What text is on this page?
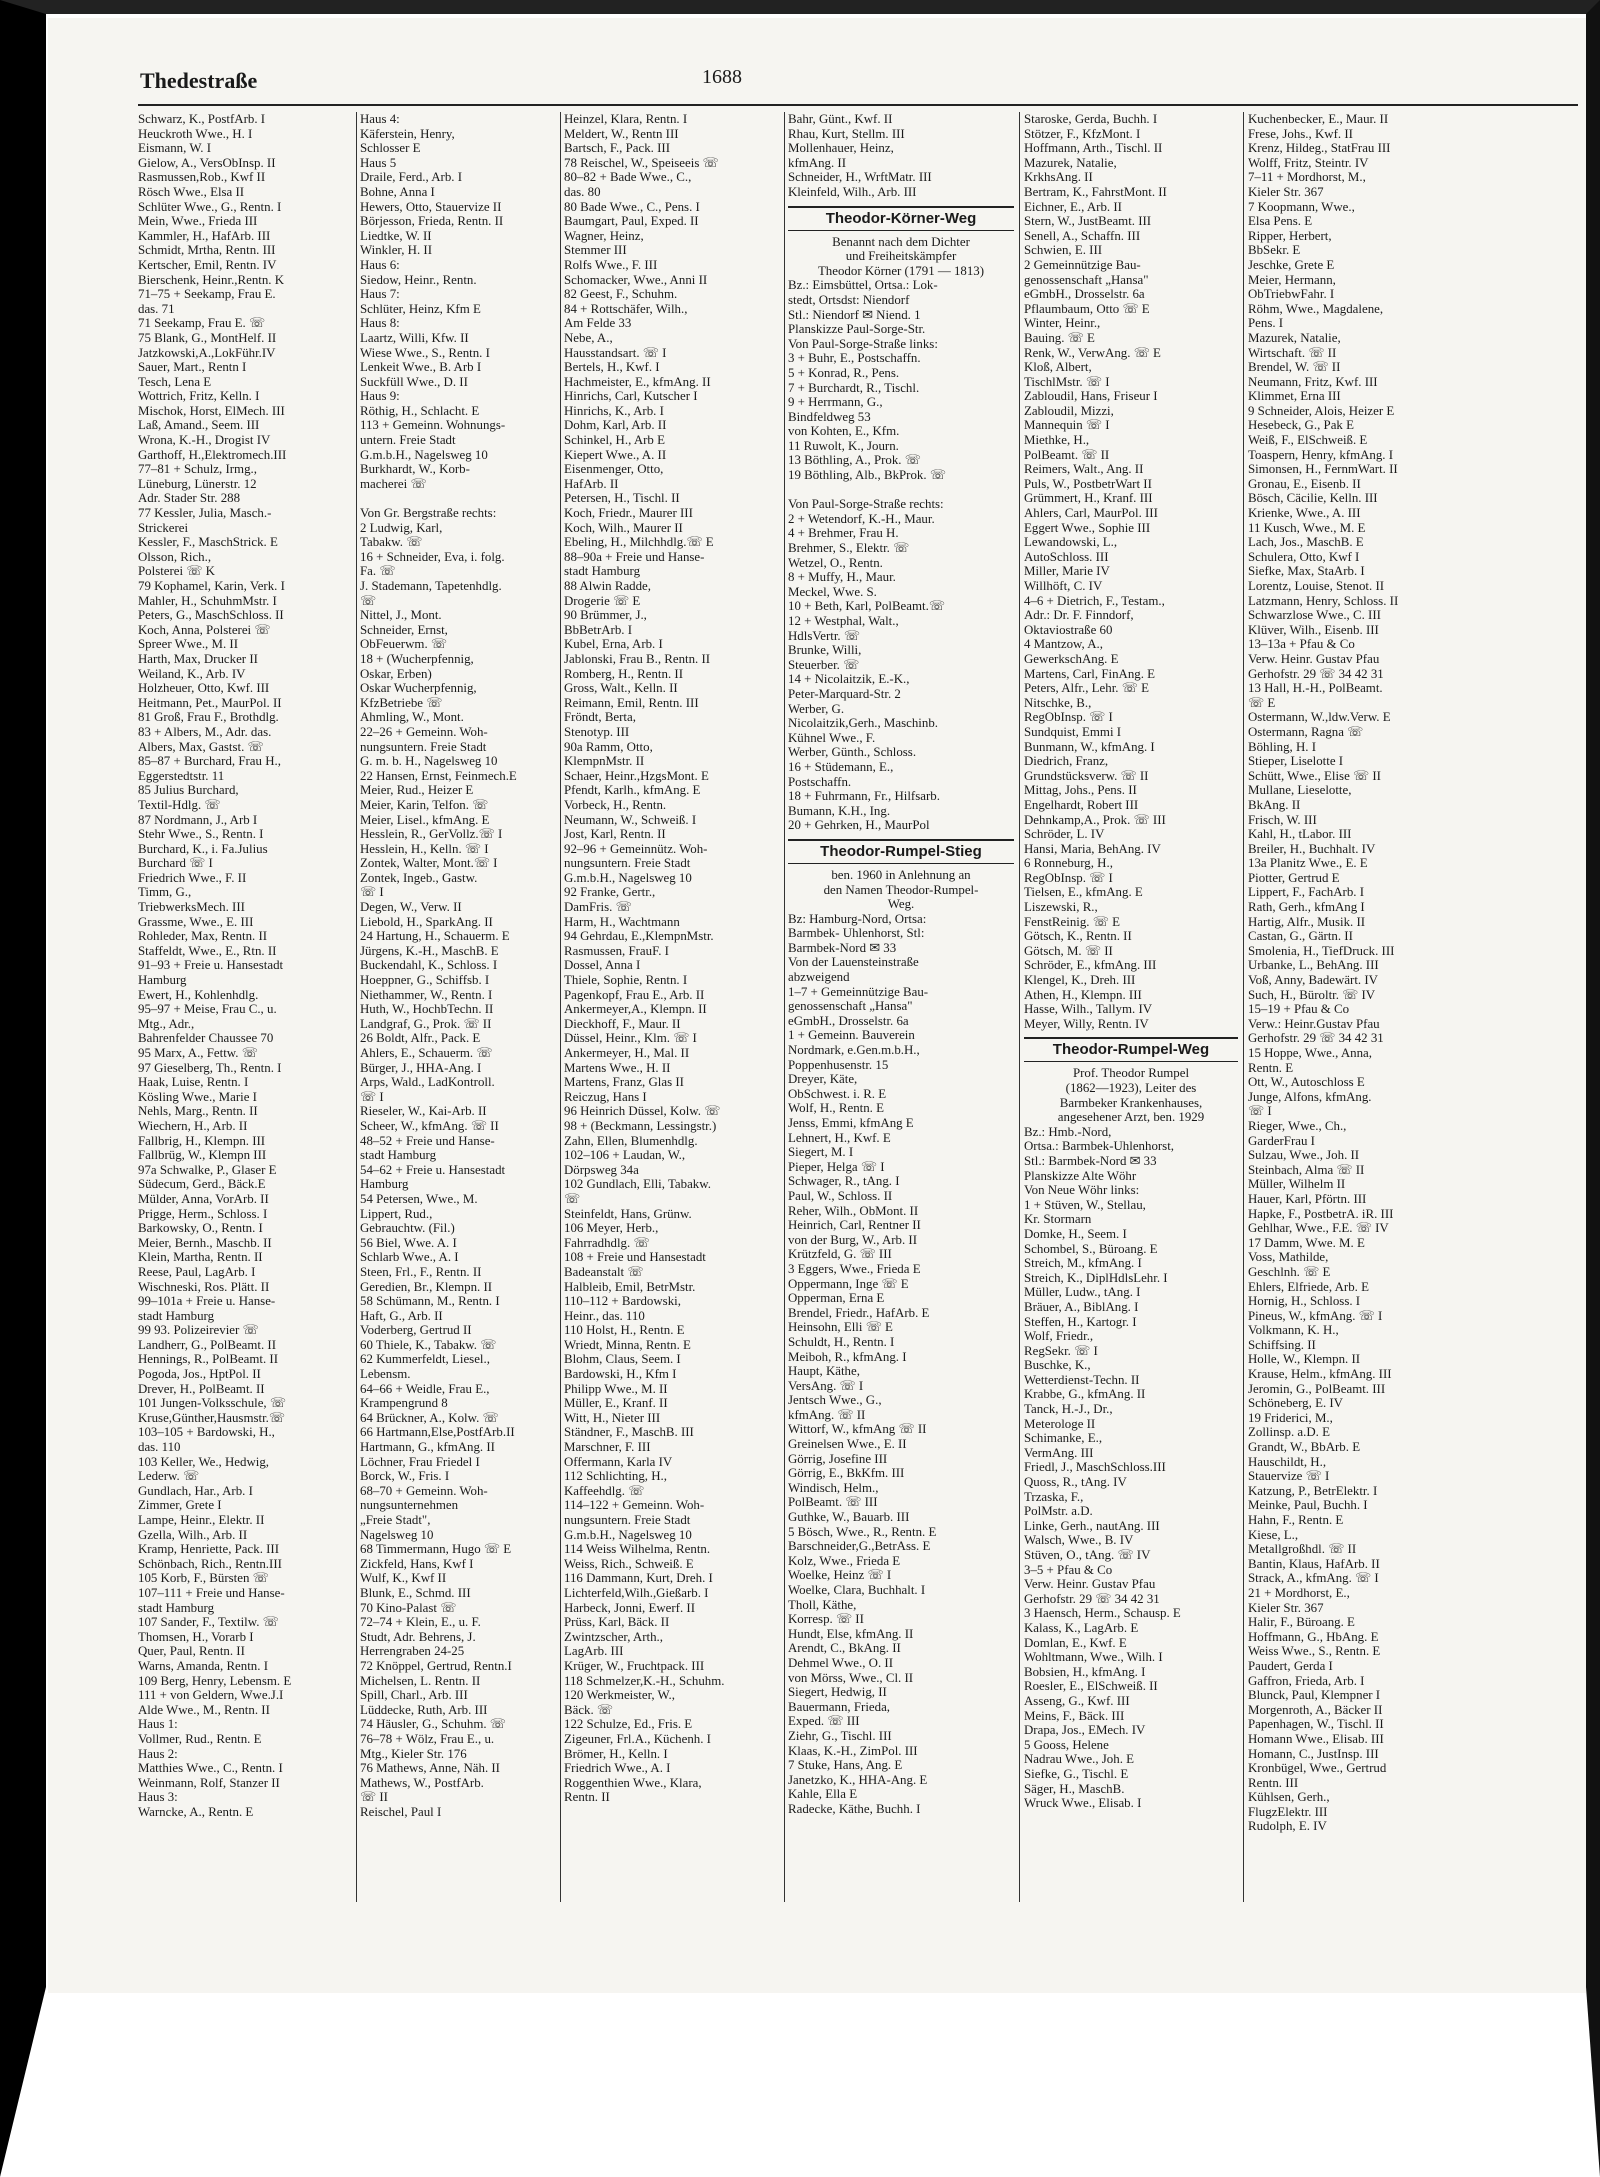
Thedestraße	1688
Schwarz, K., PostfArb. I
Heuckroth Wwe., H. I
Eismann, W. I
Gielow, A., VersObInsp. II
Rasmussen,Rob., Kwf II
Rösch Wwe., Elsa II
Schlüter Wwe., G., Rentn. I
Mein, Wwe., Frieda III
Kammler, H., HafArb. III
Schmidt, Mrtha, Rentn. III
Kertscher, Emil, Rentn. IV
Bierschenk, Heinr.,Rentn. K
71–75 + Seekamp, Frau E.
das. 71
71 Seekamp, Frau E. ☏
75 Blank, G., MontHelf. II
Jatzkowski,A.,LokFühr.IV
Sauer, Mart., Rentn I
Tesch, Lena E
Wottrich, Fritz, Kelln. I
Mischok, Horst, ElMech. III
Laß, Amand., Seem. III
Wrona, K.-H., Drogist IV
Garthoff, H.,Elektromech.III
77–81 + Schulz, Irmg.,
Lüneburg, Lünerstr. 12
Adr. Stader Str. 288
77 Kessler, Julia, Masch.-
Strickerei
Kessler, F., MaschStrick. E
Olsson, Rich.,
Polsterei ☏ K
79 Kophamel, Karin, Verk. I
Mahler, H., SchuhmMstr. I
Peters, G., MaschSchloss. II
Koch, Anna, Polsterei ☏
Spreer Wwe., M. II
Harth, Max, Drucker II
Weiland, K., Arb. IV
Holzheuer, Otto, Kwf. III
Heitmann, Pet., MaurPol. II
81 Groß, Frau F., Brothdlg.
83 + Albers, M., Adr. das.
Albers, Max, Gastst. ☏
85–87 + Burchard, Frau H.,
Eggerstedtstr. 11
85 Julius Burchard,
Textil-Hdlg. ☏
87 Nordmann, J., Arb I
Stehr Wwe., S., Rentn. I
Burchard, K., i. Fa.Julius
Burchard ☏ I
Friedrich Wwe., F. II
Timm, G.,
TriebwerksMech. III
Grassme, Wwe., E. III
Rohleder, Max, Rentn. II
Staffeldt, Wwe., E., Rtn. II
91–93 + Freie u. Hansestadt
Hamburg
Ewert, H., Kohlenhdlg.
95–97 + Meise, Frau C., u.
Mtg., Adr.,
Bahrenfelder Chaussee 70
95 Marx, A., Fettw. ☏
97 Gieselberg, Th., Rentn. I
Haak, Luise, Rentn. I
Kösling Wwe., Marie I
Nehls, Marg., Rentn. II
Wiechern, H., Arb. II
Fallbrig, H., Klempn. III
Fallbrüg, W., Klempn III
97a Schwalke, P., Glaser E
Südecum, Gerd., Bäck.E
Mülder, Anna, VorArb. II
Prigge, Herm., Schloss. I
Barkowsky, O., Rentn. I
Meier, Bernh., Maschb. II
Klein, Martha, Rentn. II
Reese, Paul, LagArb. I
Wischneski, Ros. Plätt. II
99–101a + Freie u. Hanse-
stadt Hamburg
99 93. Polizeirevier ☏
Landherr, G., PolBeamt. II
Hennings, R., PolBeamt. II
Pogoda, Jos., HptPol. II
Drever, H., PolBeamt. II
101 Jungen-Volksschule, ☏
Kruse,Günther,Hausmstr.☏
103–105 + Bardowski, H.,
das. 110
103 Keller, We., Hedwig,
Lederw. ☏
Gundlach, Har., Arb. I
Zimmer, Grete I
Lampe, Heinr., Elektr. II
Gzella, Wilh., Arb. II
Kramp, Henriette, Pack. III
Schönbach, Rich., Rentn.III
105 Korb, F., Bürsten ☏
107–111 + Freie und Hanse-
stadt Hamburg
107 Sander, F., Textilw. ☏
Thomsen, H., Vorarb I
Quer, Paul, Rentn. II
Warns, Amanda, Rentn. I
109 Berg, Henry, Lebensm. E
111 + von Geldern, Wwe.J.I
Alde Wwe., M., Rentn. II
Haus 1:
Vollmer, Rud., Rentn. E
Haus 2:
Matthies Wwe., C., Rentn. I
Weinmann, Rolf, Stanzer II
Haus 3:
Warncke, A., Rentn. E
Haus 4:
Käferstein, Henry,
Schlosser E
Haus 5
Draile, Ferd., Arb. I
Bohne, Anna I
Hewers, Otto, Stauervize II
Börjesson, Frieda, Rentn. II
Liedtke, W. II
Winkler, H. II
Haus 6:
Siedow, Heinr., Rentn.
Haus 7:
Schlüter, Heinz, Kfm E
Haus 8:
Laartz, Willi, Kfw. II
Wiese Wwe., S., Rentn. I
Lenkeit Wwe., B. Arb I
Suckfüll Wwe., D. II
Haus 9:
Röthig, H., Schlacht. E
113 + Gemeinn. Wohnungs-
untern. Freie Stadt
G.m.b.H., Nagelsweg 10
Burkhardt, W., Korb-
macherei ☏

Von Gr. Bergstraße rechts:
2 Ludwig, Karl,
Tabakw. ☏
16 + Schneider, Eva, i. folg.
Fa. ☏
J. Stademann, Tapetenhdlg.
☏
Nittel, J., Mont.
Schneider, Ernst,
ObFeuerwm. ☏
18 + (Wucherpfennig,
Oskar, Erben)
Oskar Wucherpfennig,
KfzBetriebe ☏
Ahmling, W., Mont.
22–26 + Gemeinn. Woh-
nungsuntern. Freie Stadt
G. m. b. H., Nagelsweg 10
22 Hansen, Ernst, Feinmech.E
Meier, Rud., Heizer E
Meier, Karin, Telfon. ☏
Meier, Lisel., kfmAng. E
Hesslein, R., GerVollz.☏ I
Hesslein, H., Kelln. ☏ I
Zontek, Walter, Mont.☏ I
Zontek, Ingeb., Gastw.
☏ I
Degen, W., Verw. II
Liebold, H., SparkAng. II
24 Hartung, H., Schauerm. E
Jürgens, K.-H., MaschB. E
Buckendahl, K., Schloss. I
Hoeppner, G., Schiffsb. I
Niethammer, W., Rentn. I
Huth, W., HochbTechn. II
Landgraf, G., Prok. ☏ II
26 Boldt, Alfr., Pack. E
Ahlers, E., Schauerm. ☏
Bürger, J., HHA-Ang. I
Arps, Wald., LadKontroll.
☏ I
Rieseler, W., Kai-Arb. II
Scheer, W., kfmAng. ☏ II
48–52 + Freie und Hanse-
stadt Hamburg
54–62 + Freie u. Hansestadt
Hamburg
54 Petersen, Wwe., M.
Lippert, Rud.,
Gebrauchtw. (Fil.)
56 Biel, Wwe. A. I
Schlarb Wwe., A. I
Steen, Frl., F., Rentn. II
Geredien, Br., Klempn. II
58 Schümann, M., Rentn. I
Haft, G., Arb. II
Voderberg, Gertrud II
60 Thiele, K., Tabakw. ☏
62 Kummerfeldt, Liesel.,
Lebensm.
64–66 + Weidle, Frau E.,
Krampengrund 8
64 Brückner, A., Kolw. ☏
66 Hartmann,Else,PostfArb.II
Hartmann, G., kfmAng. II
Löchner, Frau Friedel I
Borck, W., Fris. I
68–70 + Gemeinn. Woh-
nungsunternehmen
„Freie Stadt",
Nagelsweg 10
68 Timmermann, Hugo ☏ E
Zickfeld, Hans, Kwf I
Wulf, K., Kwf II
Blunk, E., Schmd. III
70 Kino-Palast ☏
72–74 + Klein, E., u. F.
Studt, Adr. Behrens, J.
Herrengraben 24-25
72 Knöppel, Gertrud, Rentn.I
Michelsen, L. Rentn. II
Spill, Charl., Arb. III
Lüddecke, Ruth, Arb. III
74 Häusler, G., Schuhm. ☏
76–78 + Wölz, Frau E., u.
Mtg., Kieler Str. 176
76 Mathews, Anne, Näh. II
Mathews, W., PostfArb.
☏ II
Reischel, Paul I
Heinzel, Klara, Rentn. I
Meldert, W., Rentn III
Bartsch, F., Pack. III
78 Reischel, W., Speiseeis ☏
80–82 + Bade Wwe., C.,
das. 80
80 Bade Wwe., C., Pens. I
Baumgart, Paul, Exped. II
Wagner, Heinz,
Stemmer III
Rolfs Wwe., F. III
Schomacker, Wwe., Anni II
82 Geest, F., Schuhm.
84 + Rottschäfer, Wilh.,
Am Felde 33
Nebe, A.,
Hausstandsart. ☏ I
Bertels, H., Kwf. I
Hachmeister, E., kfmAng. II
Hinrichs, Carl, Kutscher I
Hinrichs, K., Arb. I
Dohm, Karl, Arb. II
Schinkel, H., Arb E
Kiepert Wwe., A. II
Eisenmenger, Otto,
HafArb. II
Petersen, H., Tischl. II
Koch, Friedr., Maurer III
Koch, Wilh., Maurer II
Ebeling, H., Milchhdlg.☏ E
88–90a + Freie und Hanse-
stadt Hamburg
88 Alwin Radde,
Drogerie ☏ E
90 Brümmer, J.,
BbBetrArb. I
Kubel, Erna, Arb. I
Jablonski, Frau B., Rentn. II
Romberg, H., Rentn. II
Gross, Walt., Kelln. II
Reimann, Emil, Rentn. III
Fröndt, Berta,
Stenotyp. III
90a Ramm, Otto,
KlempnMstr. II
Schaer, Heinr.,HzgsMont. E
Pfendt, Karlh., kfmAng. E
Vorbeck, H., Rentn.
Neumann, W., Schweiß. I
Jost, Karl, Rentn. II
92–96 + Gemeinnütz. Woh-
nungsuntern. Freie Stadt
G.m.b.H., Nagelsweg 10
92 Franke, Gertr.,
DamFris. ☏
Harm, H., Wachtmann
94 Gehrdau, E.,KlempnMstr.
Rasmussen, FrauF. I
Dossel, Anna I
Thiele, Sophie, Rentn. I
Pagenkopf, Frau E., Arb. II
Ankermeyer,A., Klempn. II
Dieckhoff, F., Maur. II
Düssel, Heinr., Klm. ☏ I
Ankermeyer, H., Mal. II
Martens Wwe., H. II
Martens, Franz, Glas II
Reiczug, Hans I
96 Heinrich Düssel, Kolw. ☏
98 + (Beckmann, Lessingstr.)
Zahn, Ellen, Blumenhdlg.
102–106 + Laudan, W.,
Dörpsweg 34a
102 Gundlach, Elli, Tabakw.
☏
Steinfeldt, Hans, Grünw.
106 Meyer, Herb.,
Fahrradhdlg. ☏
108 + Freie und Hansestadt
Badeanstalt ☏
Halbleib, Emil, BetrMstr.
110–112 + Bardowski,
Heinr., das. 110
110 Holst, H., Rentn. E
Wriedt, Minna, Rentn. E
Blohm, Claus, Seem. I
Bardowski, H., Kfm I
Philipp Wwe., M. II
Müller, E., Kranf. II
Witt, H., Nieter III
Ständner, F., MaschB. III
Marschner, F. III
Offermann, Karla IV
112 Schlichting, H.,
Kaffeehdlg. ☏
114–122 + Gemeinn. Woh-
nungsuntern. Freie Stadt
G.m.b.H., Nagelsweg 10
114 Weiss Wilhelma, Rentn.
Weiss, Rich., Schweiß. E
116 Dammann, Kurt, Dreh. I
Lichterfeld,Wilh.,Gießarb. I
Harbeck, Jonni, Ewerf. II
Prüss, Karl, Bäck. II
Zwintzscher, Arth.,
LagArb. III
Krüger, W., Fruchtpack. III
118 Schmelzer,K.-H., Schuhm.
120 Werkmeister, W.,
Bäck. ☏
122 Schulze, Ed., Fris. E
Zigeuner, Frl.A., Küchenh. I
Brömer, H., Kelln. I
Friedrich Wwe., A. I
Roggenthien Wwe., Klara,
Rentn. II
Bahr, Günt., Kwf. II
Rhau, Kurt, Stellm. III
Mollenhauer, Heinz,
kfmAng. II
Schneider, H., WrftMatr. III
Kleinfeld, Wilh., Arb. III
Theodor-Körner-Weg
Benannt nach dem Dichter
und Freiheitskämpfer
Theodor Körner (1791 — 1813)
Bz.: Eimsbüttel, Ortsa.: Lok-
stedt, Ortsdst: Niendorf
Stl.: Niendorf ✉ Niend. 1
Planskizze Paul-Sorge-Str.
Von Paul-Sorge-Straße links:
3 + Buhr, E., Postschaffn.
5 + Konrad, R., Pens.
7 + Burchardt, R., Tischl.
9 + Herrmann, G.,
Bindfeldweg 53
von Kohten, E., Kfm.
11 Ruwolt, K., Journ.
13 Böthling, A., Prok. ☏
19 Böthling, Alb., BkProk. ☏

Von Paul-Sorge-Straße rechts:
2 + Wetendorf, K.-H., Maur.
4 + Brehmer, Frau H.
Brehmer, S., Elektr. ☏
Wetzel, O., Rentn.
8 + Muffy, H., Maur.
Meckel, Wwe. S.
10 + Beth, Karl, PolBeamt.☏
12 + Westphal, Walt.,
HdlsVertr. ☏
Brunke, Willi,
Steuerber. ☏
14 + Nicolaitzik, E.-K.,
Peter-Marquard-Str. 2
Werber, G.
Nicolaitzik,Gerh., Maschinb.
Kühnel Wwe., F.
Werber, Günth., Schloss.
16 + Stüdemann, E.,
Postschaffn.
18 + Fuhrmann, Fr., Hilfsarb.
Bumann, K.H., Ing.
20 + Gehrken, H., MaurPol
Theodor-Rumpel-Stieg
ben. 1960 in Anlehnung an
den Namen Theodor-Rumpel-
Weg.
Bz: Hamburg-Nord, Ortsa:
Barmbek- Uhlenhorst, Stl:
Barmbek-Nord ✉ 33
Von der Lauensteinstraße
abzweigend
1–7 + Gemeinnützige Bau-
genossenschaft „Hansa"
eGmbH., Drosselstr. 6a
1 + Gemeinn. Bauverein
Nordmark, e.Gen.m.b.H.,
Poppenhusenstr. 15
Dreyer, Käte,
ObSchwest. i. R. E
Wolf, H., Rentn. E
Jenss, Emmi, kfmAng E
Lehnert, H., Kwf. E
Siegert, M. I
Pieper, Helga ☏ I
Schwager, R., tAng. I
Paul, W., Schloss. II
Reher, Wilh., ObMont. II
Heinrich, Carl, Rentner II
von der Burg, W., Arb. II
Krützfeld, G. ☏ III
3 Eggers, Wwe., Frieda E
Oppermann, Inge ☏ E
Opperman, Erna E
Brendel, Friedr., HafArb. E
Heinsohn, Elli ☏ E
Schuldt, H., Rentn. I
Meiboh, R., kfmAng. I
Haupt, Käthe,
VersAng. ☏ I
Jentsch Wwe., G.,
kfmAng. ☏ II
Wittorf, W., kfmAng ☏ II
Greinelsen Wwe., E. II
Görrig, Josefine III
Görrig, E., BkKfm. III
Windisch, Helm.,
PolBeamt. ☏ III
Guthke, W., Bauarb. III
5 Bösch, Wwe., R., Rentn. E
Barschneider,G.,BetrAss. E
Kolz, Wwe., Frieda E
Woelke, Heinz ☏ I
Woelke, Clara, Buchhalt. I
Tholl, Käthe,
Korresp. ☏ II
Hundt, Else, kfmAng. II
Arendt, C., BkAng. II
Dehmel Wwe., O. II
von Mörss, Wwe., Cl. II
Siegert, Hedwig, II
Bauermann, Frieda,
Exped. ☏ III
Ziehr, G., Tischl. III
Klaas, K.-H., ZimPol. III
7 Stuke, Hans, Ang. E
Janetzko, K., HHA-Ang. E
Kahle, Ella E
Radecke, Käthe, Buchh. I
Staroske, Gerda, Buchh. I
Stötzer, F., KfzMont. I
Hoffmann, Arth., Tischl. II
Mazurek, Natalie,
KrkhsAng. II
Bertram, K., FahrstMont. II
Eichner, E., Arb. II
Stern, W., JustBeamt. III
Senell, A., Schaffn. III
Schwien, E. III
2 Gemeinnützige Bau-
genossenschaft „Hansa"
eGmbH., Drosselstr. 6a
Pflaumbaum, Otto ☏ E
Winter, Heinr.,
Bauing. ☏ E
Renk, W., VerwAng. ☏ E
Kloß, Albert,
TischlMstr. ☏ I
Zabloudil, Hans, Friseur I
Zabloudil, Mizzi,
Mannequin ☏ I
Miethke, H.,
PolBeamt. ☏ II
Reimers, Walt., Ang. II
Puls, W., PostbetrWart II
Grümmert, H., Kranf. III
Ahlers, Carl, MaurPol. III
Eggert Wwe., Sophie III
Lewandowski, L.,
AutoSchloss. III
Miller, Marie IV
Willhöft, C. IV
4–6 + Dietrich, F., Testam.,
Adr.: Dr. F. Finndorf,
Oktaviostraße 60
4 Mantzow, A.,
GewerkschAng. E
Martens, Carl, FinAng. E
Peters, Alfr., Lehr. ☏ E
Nitschke, B.,
RegObInsp. ☏ I
Sundquist, Emmi I
Bunmann, W., kfmAng. I
Diedrich, Franz,
Grundstücksverw. ☏ II
Mittag, Johs., Pens. II
Engelhardt, Robert III
Dehnkamp,A., Prok. ☏ III
Schröder, L. IV
Hansi, Maria, BehAng. IV
6 Ronneburg, H.,
RegObInsp. ☏ I
Tielsen, E., kfmAng. E
Liszewski, R.,
FenstReinig. ☏ E
Götsch, K., Rentn. II
Götsch, M. ☏ II
Schröder, E., kfmAng. III
Klengel, K., Dreh. III
Athen, H., Klempn. III
Hasse, Wilh., Tallym. IV
Meyer, Willy, Rentn. IV
Theodor-Rumpel-Weg
Prof. Theodor Rumpel
(1862—1923), Leiter des
Barmbeker Krankenhauses,
angesehener Arzt, ben. 1929
Bz.: Hmb.-Nord,
Ortsa.: Barmbek-Uhlenhorst,
Stl.: Barmbek-Nord ✉ 33
Planskizze Alte Wöhr
Von Neue Wöhr links:
1 + Stüven, W., Stellau,
Kr. Stormarn
Domke, H., Seem. I
Schombel, S., Büroang. E
Streich, M., kfmAng. I
Streich, K., DiplHdlsLehr. I
Müller, Ludw., tAng. I
Bräuer, A., BiblAng. I
Steffen, H., Kartogr. I
Wolf, Friedr.,
RegSekr. ☏ I
Buschke, K.,
Wetterdienst-Techn. II
Krabbe, G., kfmAng. II
Tanck, H.-J., Dr.,
Meterologe II
Schimanke, E.,
VermAng. III
Friedl, J., MaschSchloss.III
Quoss, R., tAng. IV
Trzaska, F.,
PolMstr. a.D.
Linke, Gerh., nautAng. III
Walsch, Wwe., B. IV
Stüven, O., tAng. ☏ IV
3–5 + Pfau & Co
Verw. Heinr. Gustav Pfau
Gerhofstr. 29 ☏ 34 42 31
3 Haensch, Herm., Schausp. E
Kalass, K., LagArb. E
Domlan, E., Kwf. E
Wohltmann, Wwe., Wilh. I
Bobsien, H., kfmAng. I
Roesler, E., ElSchweiß. II
Asseng, G., Kwf. III
Meins, F., Bäck. III
Drapa, Jos., EMech. IV
5 Gooss, Helene
Nadrau Wwe., Joh. E
Siefke, G., Tischl. E
Säger, H., MaschB.
Wruck Wwe., Elisab. I
Kuchenbecker, E., Maur. II
Frese, Johs., Kwf. II
Krenz, Hildeg., StatFrau III
Wolff, Fritz, Steintr. IV
7–11 + Mordhorst, M.,
Kieler Str. 367
7 Koopmann, Wwe.,
Elsa Pens. E
Ripper, Herbert,
BbSekr. E
Jeschke, Grete E
Meier, Hermann,
ObTriebwFahr. I
Röhm, Wwe., Magdalene,
Pens. I
Mazurek, Natalie,
Wirtschaft. ☏ II
Brendel, W. ☏ II
Neumann, Fritz, Kwf. III
Klimmet, Erna III
9 Schneider, Alois, Heizer E
Hesebeck, G., Pak E
Weiß, F., ElSchweiß. E
Toaspern, Henry, kfmAng. I
Simonsen, H., FernmWart. II
Gronau, E., Eisenb. II
Bösch, Cäcilie, Kelln. III
Krienke, Wwe., A. III
11 Kusch, Wwe., M. E
Lach, Jos., MaschB. E
Schulera, Otto, Kwf I
Siefke, Max, StaArb. I
Lorentz, Louise, Stenot. II
Latzmann, Henry, Schloss. II
Schwarzlose Wwe., C. III
Klüver, Wilh., Eisenb. III
13–13a + Pfau & Co
Verw. Heinr. Gustav Pfau
Gerhofstr. 29 ☏ 34 42 31
13 Hall, H.-H., PolBeamt.
☏ E
Ostermann, W.,ldw.Verw. E
Ostermann, Ragna ☏
Böhling, H. I
Stieper, Liselotte I
Schütt, Wwe., Elise ☏ II
Mullane, Lieselotte,
BkAng. II
Frisch, W. III
Kahl, H., tLabor. III
Breiler, H., Buchhalt. IV
13a Planitz Wwe., E. E
Piotter, Gertrud E
Lippert, F., FachArb. I
Rath, Gerh., kfmAng I
Hartig, Alfr., Musik. II
Castan, G., Gärtn. II
Smolenia, H., TiefDruck. III
Urbanke, L., BehAng. III
Voß, Anny, Badewärt. IV
Such, H., Büroltr. ☏ IV
15–19 + Pfau & Co
Verw.: Heinr.Gustav Pfau
Gerhofstr. 29 ☏ 34 42 31
15 Hoppe, Wwe., Anna,
Rentn. E
Ott, W., Autoschloss E
Junge, Alfons, kfmAng.
☏ I
Rieger, Wwe., Ch.,
GarderFrau I
Sulzau, Wwe., Joh. II
Steinbach, Alma ☏ II
Müller, Wilhelm II
Hauer, Karl, Pförtn. III
Hapke, F., PostbetrA. iR. III
Gehlhar, Wwe., F.E. ☏ IV
17 Damm, Wwe. M. E
Voss, Mathilde,
Geschlnh. ☏ E
Ehlers, Elfriede, Arb. E
Hornig, H., Schloss. I
Pineus, W., kfmAng. ☏ I
Volkmann, K. H.,
Schiffsing. II
Holle, W., Klempn. II
Krause, Helm., kfmAng. III
Jeromin, G., PolBeamt. III
Schöneberg, E. IV
19 Friderici, M.,
Zollinsp. a.D. E
Grandt, W., BbArb. E
Hauschildt, H.,
Stauervize ☏ I
Katzung, P., BetrElektr. I
Meinke, Paul, Buchh. I
Hahn, F., Rentn. E
Kiese, L.,
Metallgroßhdl. ☏ II
Bantin, Klaus, HafArb. II
Strack, A., kfmAng. ☏ I
21 + Mordhorst, E.,
Kieler Str. 367
Halir, F., Büroang. E
Hoffmann, G., HbAng. E
Weiss Wwe., S., Rentn. E
Paudert, Gerda I
Gaffron, Frieda, Arb. I
Blunck, Paul, Klempner I
Morgenroth, A., Bäcker II
Papenhagen, W., Tischl. II
Homann Wwe., Elisab. III
Homann, C., JustInsp. III
Kronbügel, Wwe., Gertrud
Rentn. III
Kühlsen, Gerh.,
FlugzElektr. III
Rudolph, E. IV
